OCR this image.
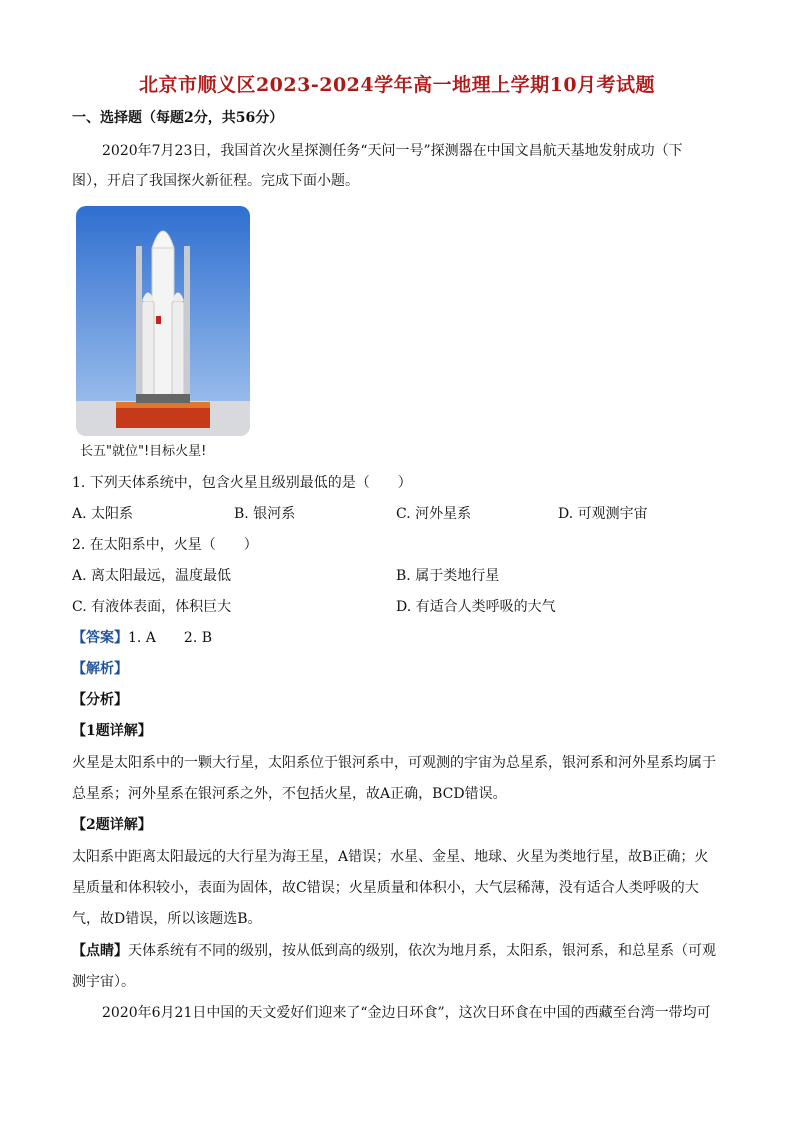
北京市顺义区2023-2024学年高一地理上学期10月考试题
一、选择题（每题2分，共56分）
2020年7月23日，我国首次火星探测任务“天问一号”探测器在中国文昌航天基地发射成功（下
图），开启了我国探火新征程。完成下面小题。
长五"就位"!目标火星!
1. 下列天体系统中，包含火星且级别最低的是（　　）
A. 太阳系	B. 银河系	C. 河外星系	D. 可观测宇宙
2. 在太阳系中，火星（　　）
A. 离太阳最远，温度最低	B. 属于类地行星
C. 有液体表面，体积巨大	D. 有适合人类呼吸的大气
【答案】1. A　　2. B
【解析】
【分析】
【1题详解】
火星是太阳系中的一颗大行星，太阳系位于银河系中，可观测的宇宙为总星系，银河系和河外星系均属于
总星系；河外星系在银河系之外，不包括火星，故A正确，BCD错误。
【2题详解】
太阳系中距离太阳最远的大行星为海王星，A错误；水星、金星、地球、火星为类地行星，故B正确；火
星质量和体积较小，表面为固体，故C错误；火星质量和体积小，大气层稀薄，没有适合人类呼吸的大
气，故D错误，所以该题选B。
【点睛】天体系统有不同的级别，按从低到高的级别，依次为地月系，太阳系，银河系，和总星系（可观
测宇宙）。
2020年6月21日中国的天文爱好们迎来了“金边日环食”，这次日环食在中国的西藏至台湾一带均可
